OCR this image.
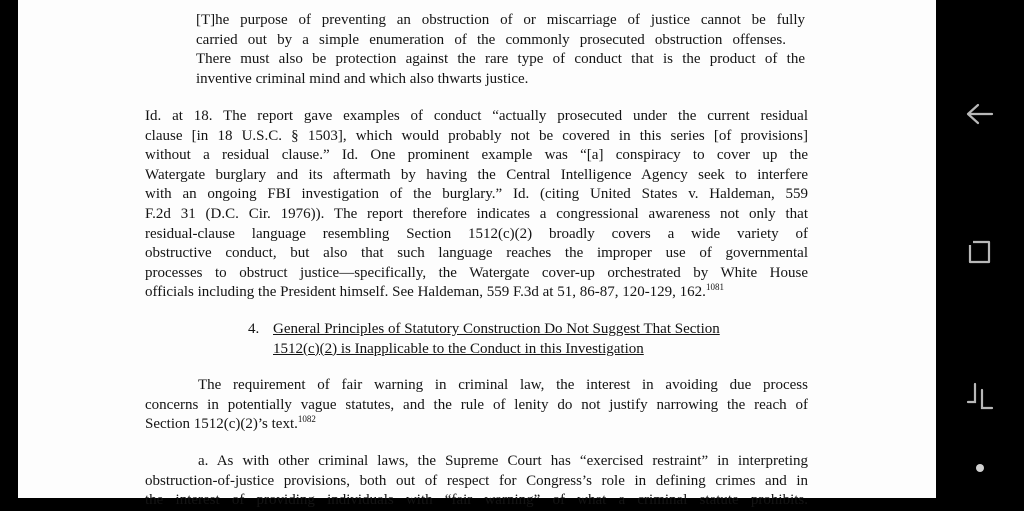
[T]he purpose of preventing an obstruction of or miscarriage of justice cannot be fully
carried out by a simple enumeration of the commonly prosecuted obstruction offenses.
There must also be protection against the rare type of conduct that is the product of the
inventive criminal mind and which also thwarts justice.
Id. at 18. The report gave examples of conduct “actually prosecuted under the current residual
clause [in 18 U.S.C. § 1503], which would probably not be covered in this series [of provisions]
without a residual clause.” Id. One prominent example was “[a] conspiracy to cover up the
Watergate burglary and its aftermath by having the Central Intelligence Agency seek to interfere
with an ongoing FBI investigation of the burglary.” Id. (citing United States v. Haldeman, 559
F.2d 31 (D.C. Cir. 1976)). The report therefore indicates a congressional awareness not only that
residual-clause language resembling Section 1512(c)(2) broadly covers a wide variety of
obstructive conduct, but also that such language reaches the improper use of governmental
processes to obstruct justice—specifically, the Watergate cover-up orchestrated by White House
officials including the President himself. See Haldeman, 559 F.3d at 51, 86-87, 120-129, 162.$^{1081}$
4. General Principles of Statutory Construction Do Not Suggest That Section
1512(c)(2) is Inapplicable to the Conduct in this Investigation
The requirement of fair warning in criminal law, the interest in avoiding due process
concerns in potentially vague statutes, and the rule of lenity do not justify narrowing the reach of
Section 1512(c)(2)’s text.$^{1082}$
a. As with other criminal laws, the Supreme Court has “exercised restraint” in interpreting
obstruction-of-justice provisions, both out of respect for Congress’s role in defining crimes and in
the interest of providing individuals with “fair warning” of what a criminal statute prohibits.
